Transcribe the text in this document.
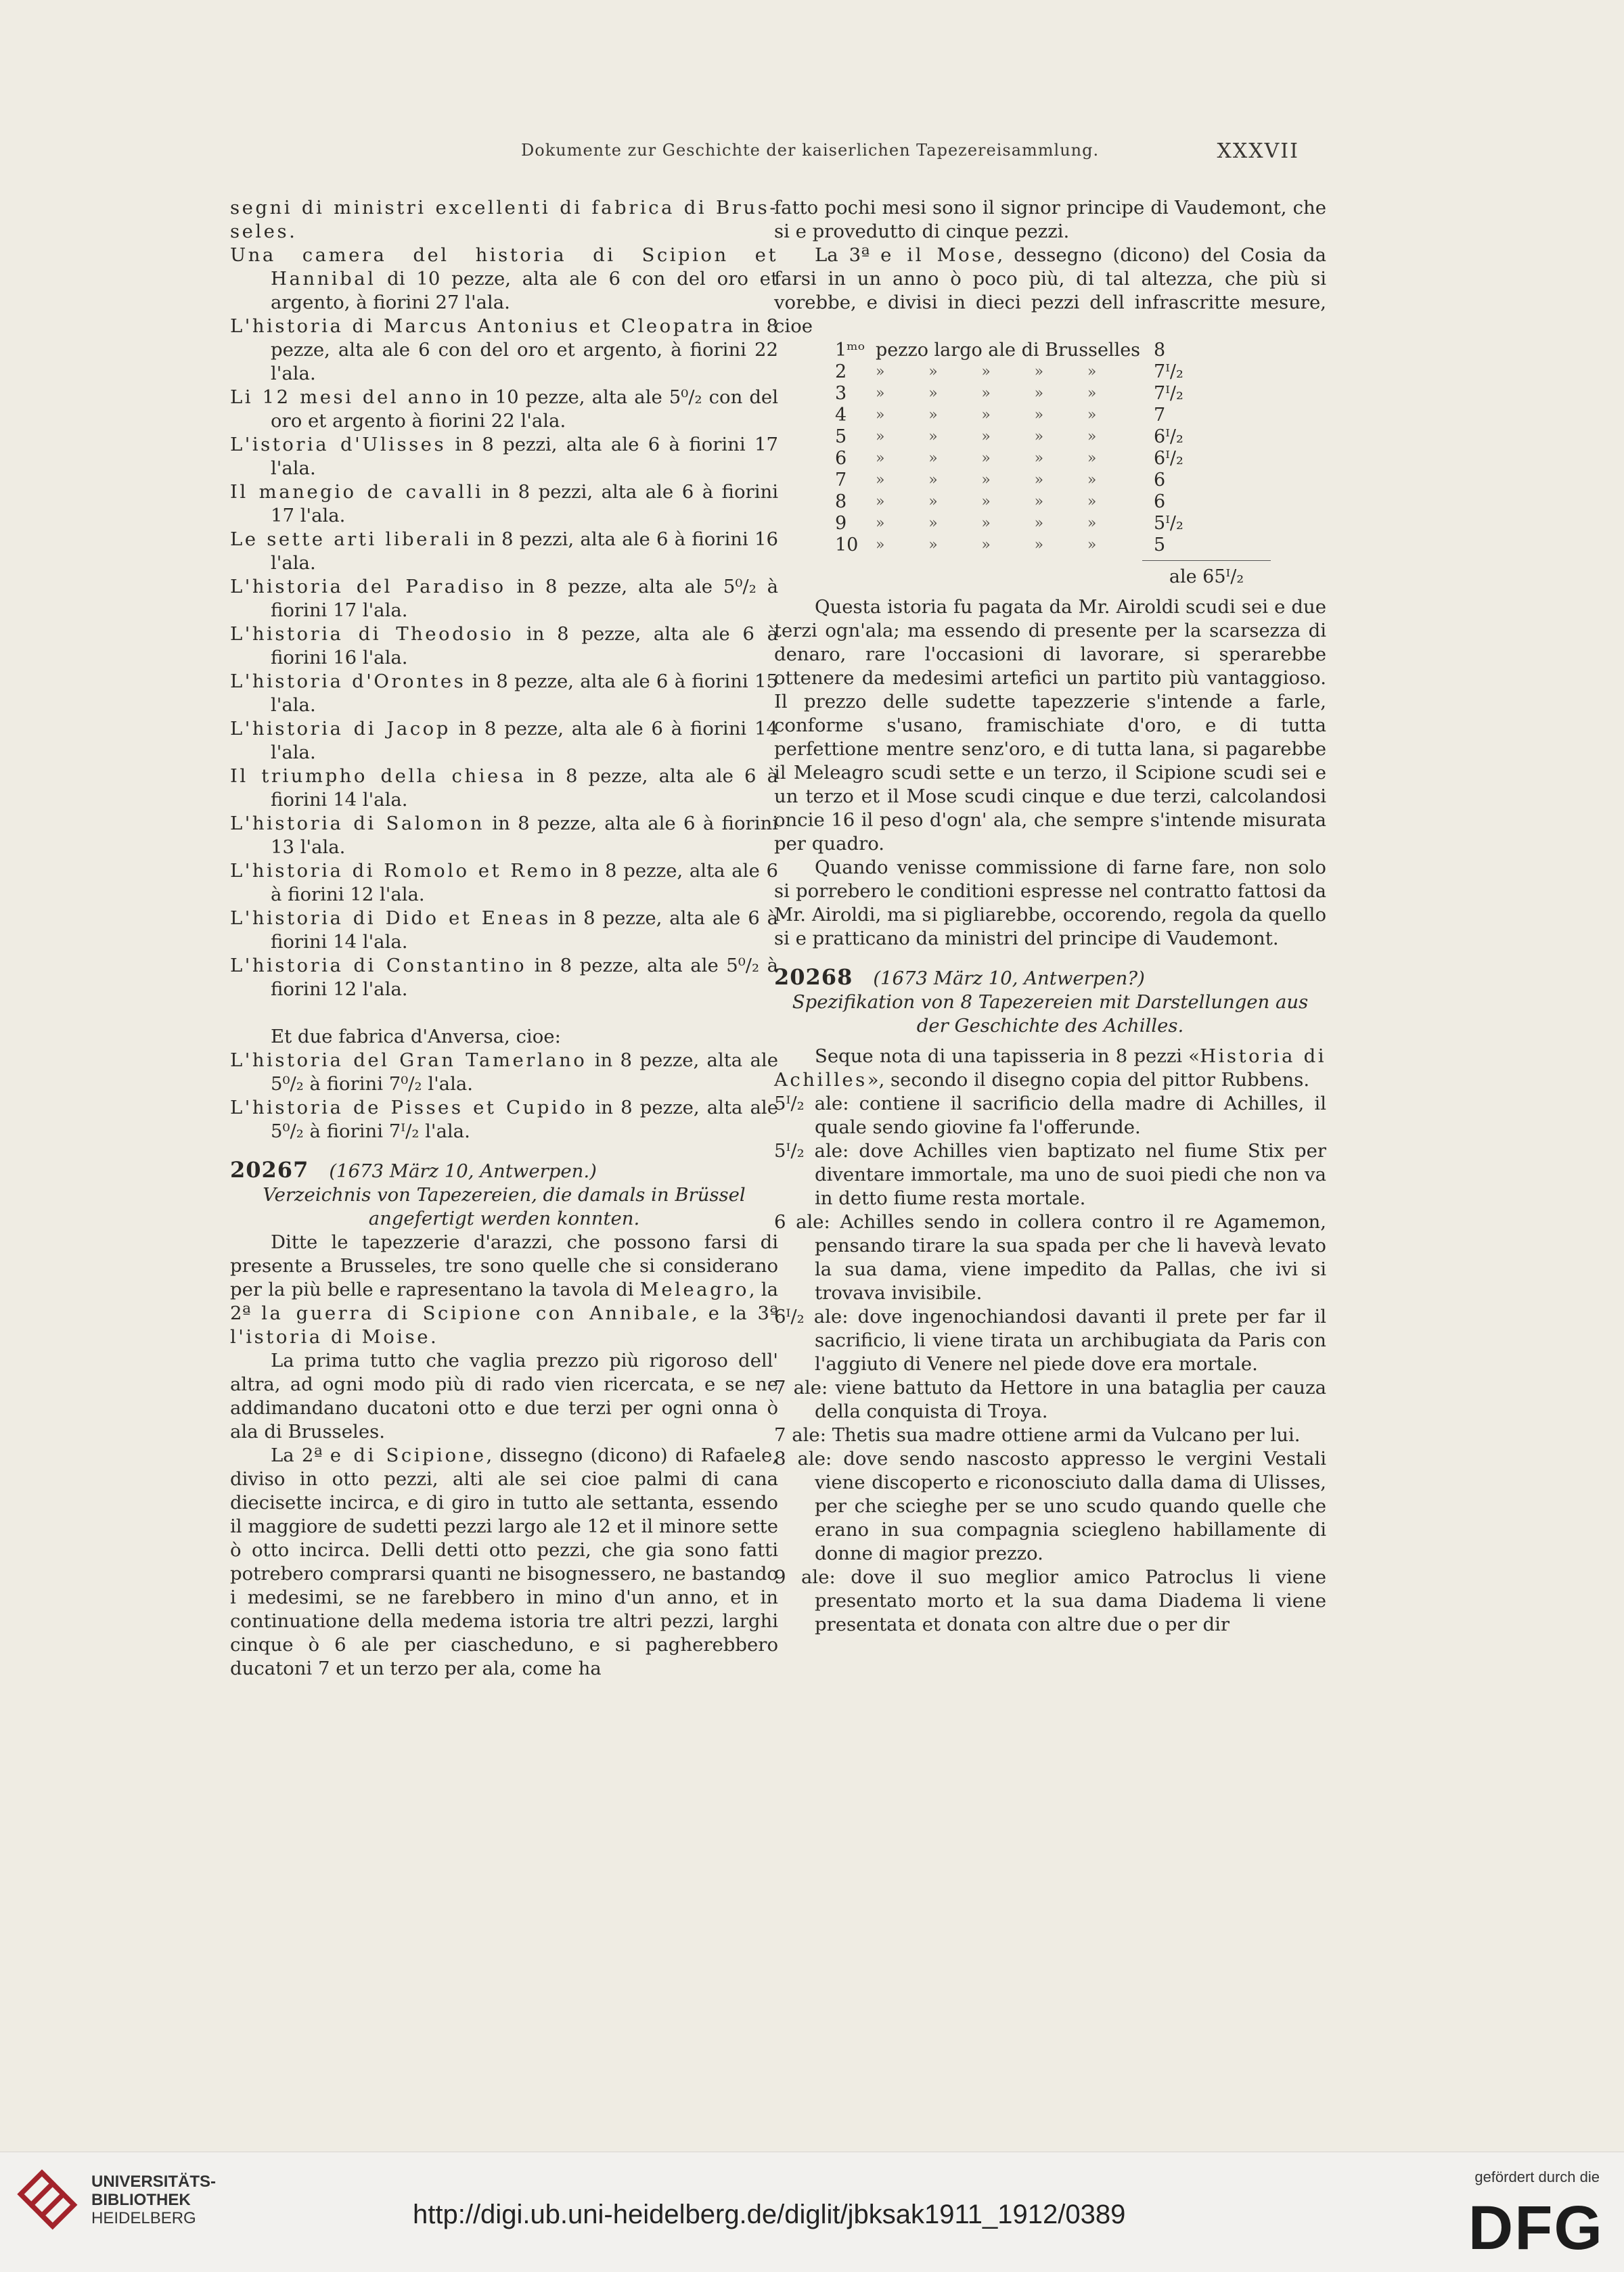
Dokumente zur Geschichte der kaiserlichen Tapezereisammlung.	XXXVII

segni di ministri excellenti di fabrica di Brus-

seles.

Una camera del historia di Scipion et Hannibal di 10 pezze, alta ale 6 con del oro et argento, à fiorini 27 l'ala.

L'historia di Marcus Antonius et Cleopatra in 8 pezze, alta ale 6 con del oro et argento, à fiorini 22 l'ala.

Li 12 mesi del anno in 10 pezze, alta ale 5⁰/₂ con del oro et argento à fiorini 22 l'ala.

L'istoria d'Ulisses in 8 pezzi, alta ale 6 à fiorini 17 l'ala.

Il manegio de cavalli in 8 pezzi, alta ale 6 à fiorini 17 l'ala.

Le sette arti liberali in 8 pezzi, alta ale 6 à fiorini 16 l'ala.

L'historia del Paradiso in 8 pezze, alta ale 5⁰/₂ à fiorini 17 l'ala.

L'historia di Theodosio in 8 pezze, alta ale 6 à fiorini 16 l'ala.

L'historia d'Orontes in 8 pezze, alta ale 6 à fiorini 15 l'ala.

L'historia di Jacop in 8 pezze, alta ale 6 à fiorini 14 l'ala.

Il triumpho della chiesa in 8 pezze, alta ale 6 à fiorini 14 l'ala.

L'historia di Salomon in 8 pezze, alta ale 6 à fiorini 13 l'ala.

L'historia di Romolo et Remo in 8 pezze, alta ale 6 à fiorini 12 l'ala.

L'historia di Dido et Eneas in 8 pezze, alta ale 6 à fiorini 14 l'ala.

L'historia di Constantino in 8 pezze, alta ale 5⁰/₂ à fiorini 12 l'ala.

Et due fabrica d'Anversa, cioe:

L'historia del Gran Tamerlano in 8 pezze, alta ale 5⁰/₂ à fiorini 7⁰/₂ l'ala.

L'historia de Pisses et Cupido in 8 pezze, alta ale 5⁰/₂ à fiorini 7ᴵ/₂ l'ala.

20267 (1673 März 10, Antwerpen.)

Verzeichnis von Tapezereien, die damals in Brüssel angefertigt werden konnten.

Ditte le tapezzerie d'arazzi, che possono farsi di presente a Brusseles, tre sono quelle che si considerano per la più belle e rapresentano la tavola di Meleagro, la 2ª la guerra di Scipione con Annibale, e la 3ª l'istoria di Moise.

La prima tutto che vaglia prezzo più rigoroso dell' altra, ad ogni modo più di rado vien ricercata, e se ne addimandano ducatoni otto e due terzi per ogni onna ò ala di Brusseles.

La 2ª e di Scipione, dissegno (dicono) di Rafaele, diviso in otto pezzi, alti ale sei cioe palmi di cana diecisette incirca, e di giro in tutto ale settanta, essendo il maggiore de sudetti pezzi largo ale 12 et il minore sette ò otto incirca. Delli detti otto pezzi, che gia sono fatti potrebero comprarsi quanti ne bisognessero, ne bastando i medesimi, se ne farebbero in mino d'un anno, et in continuatione della medema istoria tre altri pezzi, larghi cinque ò 6 ale per ciascheduno, e si pagherebbero ducatoni 7 et un terzo per ala, come ha

fatto pochi mesi sono il signor principe di Vaudemont, che si e provedutto di cinque pezzi.

La 3ª e il Mose, dessegno (dicono) del Cosia da farsi in un anno ò poco più, di tal altezza, che più si vorebbe, e divisi in dieci pezzi dell infrascritte mesure, cioe

1ᵐᵒ	pezzo largo ale di Brusselles					8
2	»	»	»	»	»	7ᴵ/₂
3	»	»	»	»	»	7ᴵ/₂
4	»	»	»	»	»	7
5	»	»	»	»	»	6ᴵ/₂
6	»	»	»	»	»	6ᴵ/₂
7	»	»	»	»	»	6
8	»	»	»	»	»	6
9	»	»	»	»	»	5ᴵ/₂
10	»	»	»	»	»	5
ale 65ᴵ/₂

Questa istoria fu pagata da Mr. Airoldi scudi sei e due terzi ogn'ala; ma essendo di presente per la scarsezza di denaro, rare l'occasioni di lavorare, si sperarebbe ottenere da medesimi artefici un partito più vantaggioso. Il prezzo delle sudette tapezzerie s'intende a farle, conforme s'usano, framischiate d'oro, e di tutta perfettione mentre senz'oro, e di tutta lana, si pagarebbe il Meleagro scudi sette e un terzo, il Scipione scudi sei e un terzo et il Mose scudi cinque e due terzi, calcolandosi oncie 16 il peso d'ogn' ala, che sempre s'intende misurata per quadro.

Quando venisse commissione di farne fare, non solo si porrebero le conditioni espresse nel contratto fattosi da Mr. Airoldi, ma si pigliarebbe, occorendo, regola da quello si e pratticano da ministri del principe di Vaudemont.

20268 (1673 März 10, Antwerpen?)

Spezifikation von 8 Tapezereien mit Darstellungen aus der Geschichte des Achilles.

Seque nota di una tapisseria in 8 pezzi «Historia di Achilles», secondo il disegno copia del pittor Rubbens.

5ᴵ/₂ ale: contiene il sacrificio della madre di Achilles, il quale sendo giovine fa l'offerunde.

5ᴵ/₂ ale: dove Achilles vien baptizato nel fiume Stix per diventare immortale, ma uno de suoi piedi che non va in detto fiume resta mortale.

6 ale: Achilles sendo in collera contro il re Agamemon, pensando tirare la sua spada per che li havevà levato la sua dama, viene impedito da Pallas, che ivi si trovava invisibile.

6ᴵ/₂ ale: dove ingenochiandosi davanti il prete per far il sacrificio, li viene tirata un archibugiata da Paris con l'aggiuto di Venere nel piede dove era mortale.

7 ale: viene battuto da Hettore in una bataglia per cauza della conquista di Troya.

7 ale: Thetis sua madre ottiene armi da Vulcano per lui.

8 ale: dove sendo nascosto appresso le vergini Vestali viene discoperto e riconosciuto dalla dama di Ulisses, per che scieghe per se uno scudo quando quelle che erano in sua compagnia sciegleno habillamente di donne di magior prezzo.

9 ale: dove il suo meglior amico Patroclus li viene presentato morto et la sua dama Diadema li viene presentata et donata con altre due o per dir

UNIVERSITÄTS-
BIBLIOTHEK
HEIDELBERG	http://digi.ub.uni-heidelberg.de/diglit/jbksak1911_1912/0389
gefördert durch die
DFG
